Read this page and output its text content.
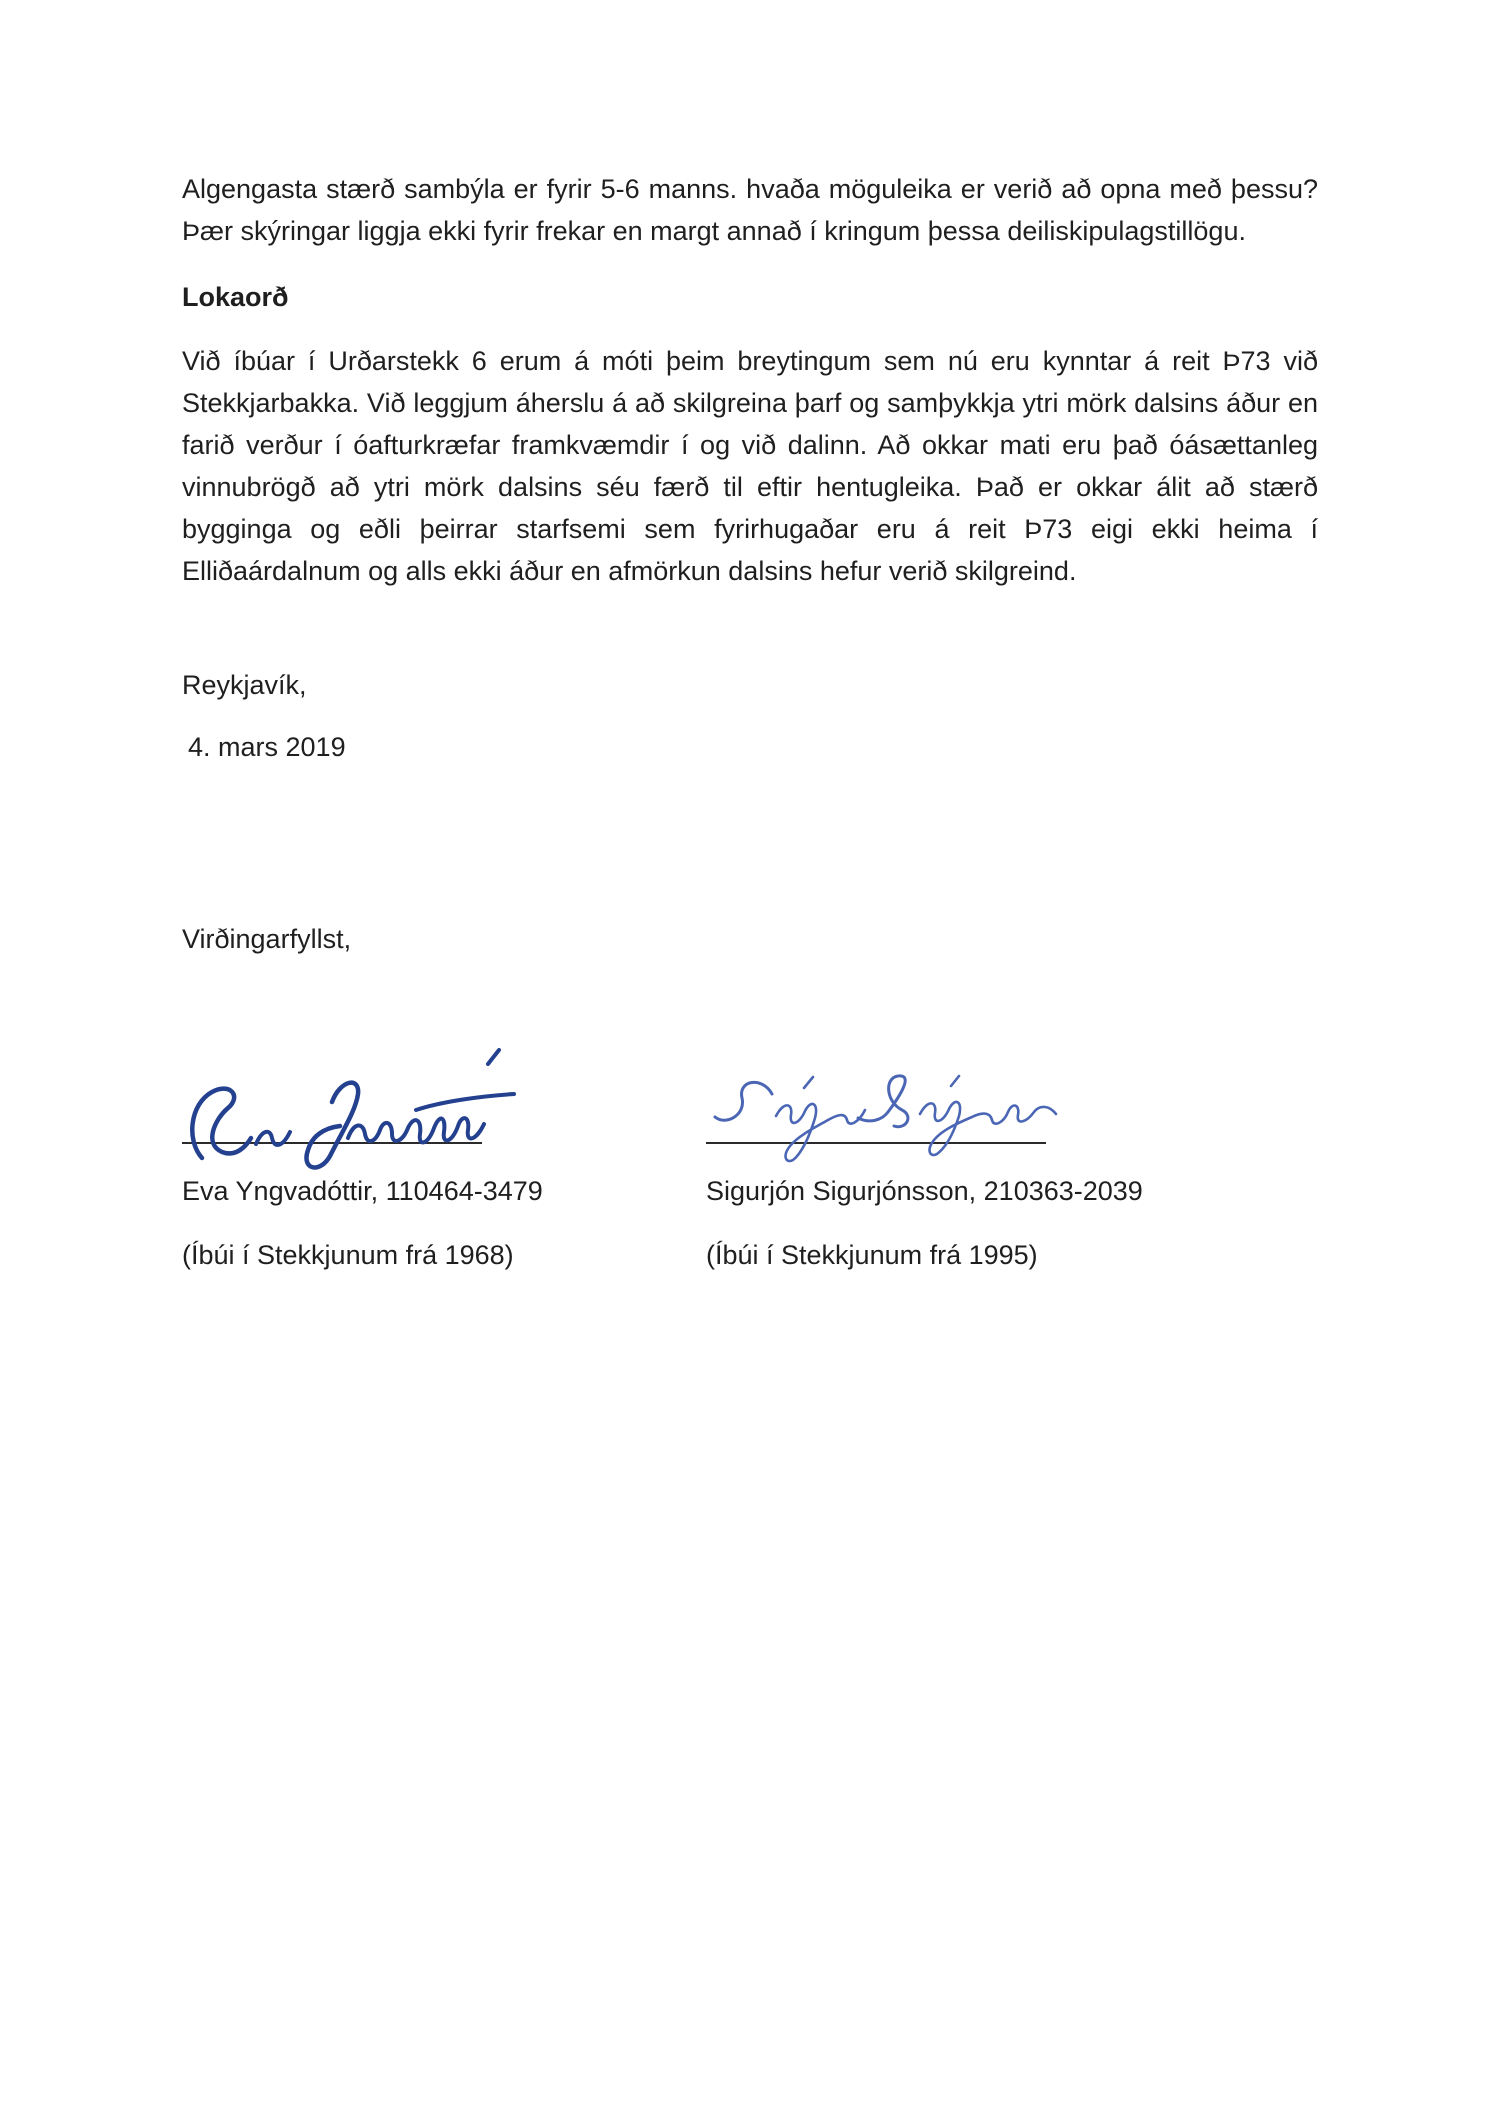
Algengasta stærð sambýla er fyrir 5-6 manns. hvaða möguleika er verið að opna með þessu? Þær skýringar liggja ekki fyrir frekar en margt annað í kringum þessa deiliskipulagstillögu.

Lokaorð

Við íbúar í Urðarstekk 6 erum á móti þeim breytingum sem nú eru kynntar á reit Þ73 við Stekkjarbakka. Við leggjum áherslu á að skilgreina þarf og samþykkja ytri mörk dalsins áður en farið verður í óafturkræfar framkvæmdir í og við dalinn. Að okkar mati eru það óásættanleg vinnubrögð að ytri mörk dalsins séu færð til eftir hentugleika. Það er okkar álit að stærð bygginga og eðli þeirrar starfsemi sem fyrirhugaðar eru á reit Þ73 eigi ekki heima í Elliðaárdalnum og alls ekki áður en afmörkun dalsins hefur verið skilgreind.

Reykjavík,

4. mars 2019

Virðingarfyllst,

Eva Yngvadóttir, 110464-3479

(Íbúi í Stekkjunum frá 1968)

Sigurjón Sigurjónsson, 210363-2039

(Íbúi í Stekkjunum frá 1995)
